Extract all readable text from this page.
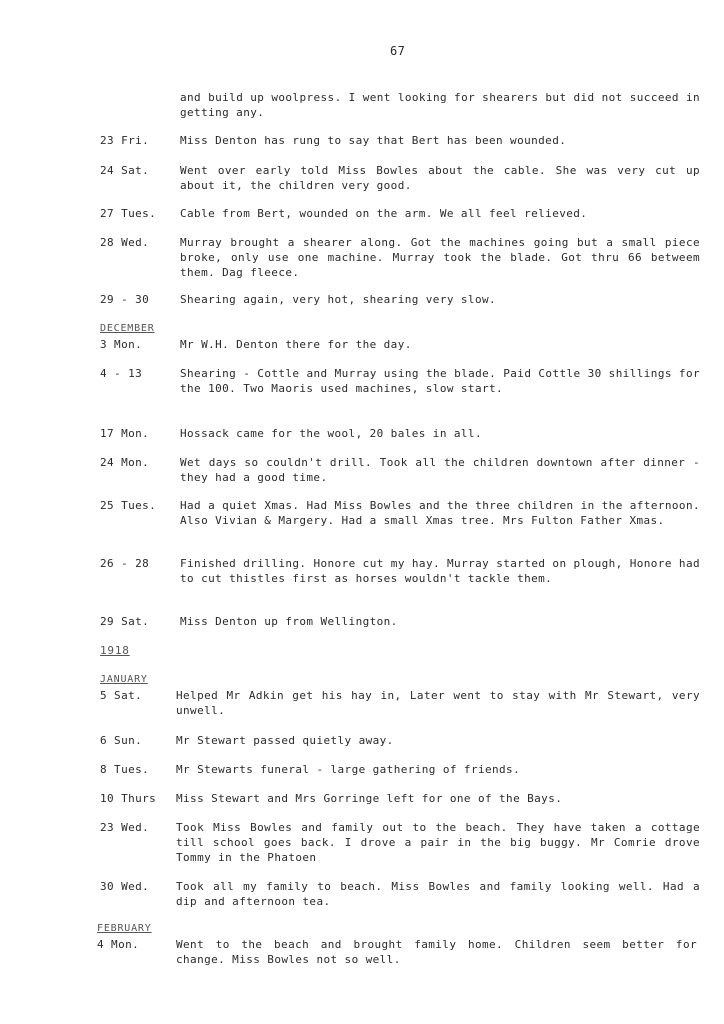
67
and build up woolpress. I went looking for shearers but did not succeed in getting any.
23 Fri.	Miss Denton has rung to say that Bert has been wounded.
24 Sat.	Went over early told Miss Bowles about the cable. She was very cut up about it, the children very good.
27 Tues. Cable from Bert, wounded on the arm. We all feel relieved.
28 Wed.	Murray brought a shearer along. Got the machines going but a small piece broke, only use one machine. Murray took the blade. Got thru 66 betweem them. Dag fleece.
29 - 30	Shearing again, very hot, shearing very slow.
DECEMBER
3 Mon.	Mr W.H. Denton there for the day.
4 - 13	Shearing - Cottle and Murray using the blade. Paid Cottle 30 shillings for the 100. Two Maoris used machines, slow start.
17 Mon.	Hossack came for the wool, 20 bales in all.
24 Mon.	Wet days so couldn't drill. Took all the children downtown after dinner -they had a good time.
25 Tues. Had a quiet Xmas. Had Miss Bowles and the three children in the afternoon. Also Vivian & Margery. Had a small Xmas tree. Mrs Fulton Father Xmas.
26 - 28	Finished drilling. Honore cut my hay. Murray started on plough, Honore had to cut thistles first as horses wouldn't tackle them.
29 Sat.	Miss Denton up from Wellington.
1918
JANUARY
5 Sat.	Helped Mr Adkin get his hay in, Later went to stay with Mr Stewart, very unwell.
6 Sun.	Mr Stewart passed quietly away.
8 Tues. Mr Stewarts funeral - large gathering of friends.
10 Thurs Miss Stewart and Mrs Gorringe left for one of the Bays.
23 Wed. Took Miss Bowles and family out to the beach. They have taken a cottage till school goes back. I drove a pair in the big buggy. Mr Comrie drove Tommy in the Phatoen
30 Wed. Took all my family to beach. Miss Bowles and family looking well. Had a dip and afternoon tea.
FEBRUARY
4 Mon.	Went to the beach and brought family home. Children seem better for change. Miss Bowles not so well.
